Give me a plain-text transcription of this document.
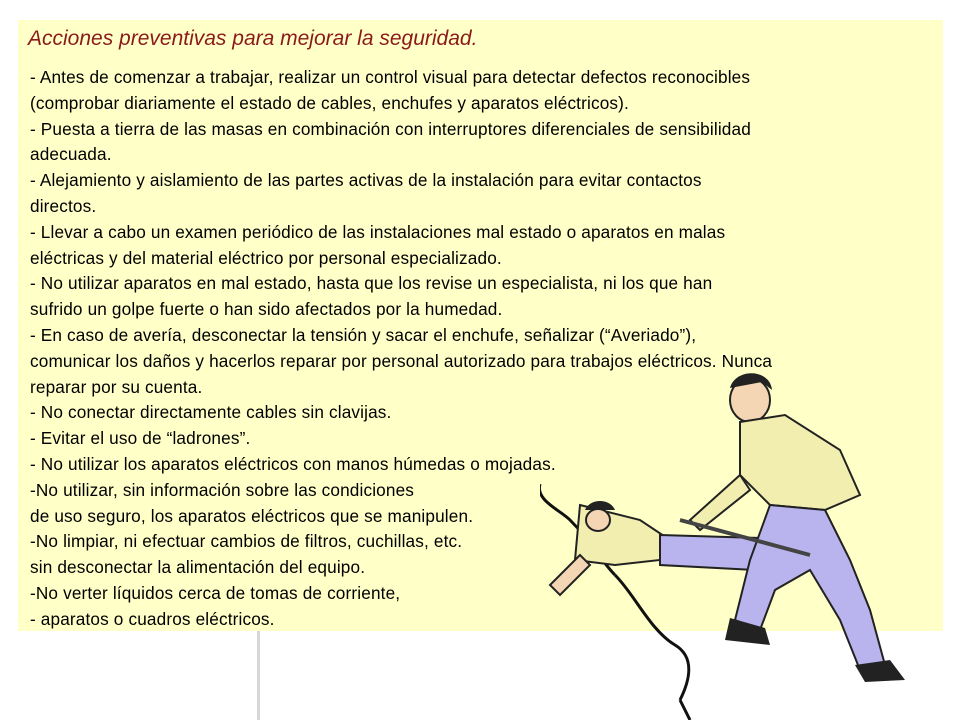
Acciones preventivas para mejorar la seguridad.
- Antes de comenzar a trabajar, realizar un control visual para detectar defectos reconocibles
(comprobar diariamente el estado de cables, enchufes y aparatos eléctricos).
- Puesta a tierra de las masas en combinación con interruptores diferenciales de sensibilidad
adecuada.
- Alejamiento y aislamiento de las partes activas de la instalación para evitar contactos
directos.
- Llevar a cabo un examen periódico de las instalaciones mal estado o aparatos en malas
eléctricas y del material eléctrico por personal especializado.
- No utilizar aparatos en mal estado, hasta que los revise un especialista, ni los que han
sufrido un golpe fuerte o han sido afectados por la humedad.
- En caso de avería, desconectar la tensión y sacar el enchufe, señalizar (“Averiado”),
comunicar los daños y hacerlos reparar por personal autorizado para trabajos eléctricos. Nunca
reparar por su cuenta.
- No conectar directamente cables sin clavijas.
- Evitar el uso de “ladrones”.
- No utilizar los aparatos eléctricos con manos húmedas o mojadas.
-No utilizar, sin información sobre las condiciones
de uso seguro, los aparatos eléctricos que se manipulen.
-No limpiar, ni efectuar cambios de filtros, cuchillas, etc.
sin desconectar la alimentación del equipo.
-No verter líquidos cerca de tomas de corriente,
- aparatos o cuadros eléctricos.
